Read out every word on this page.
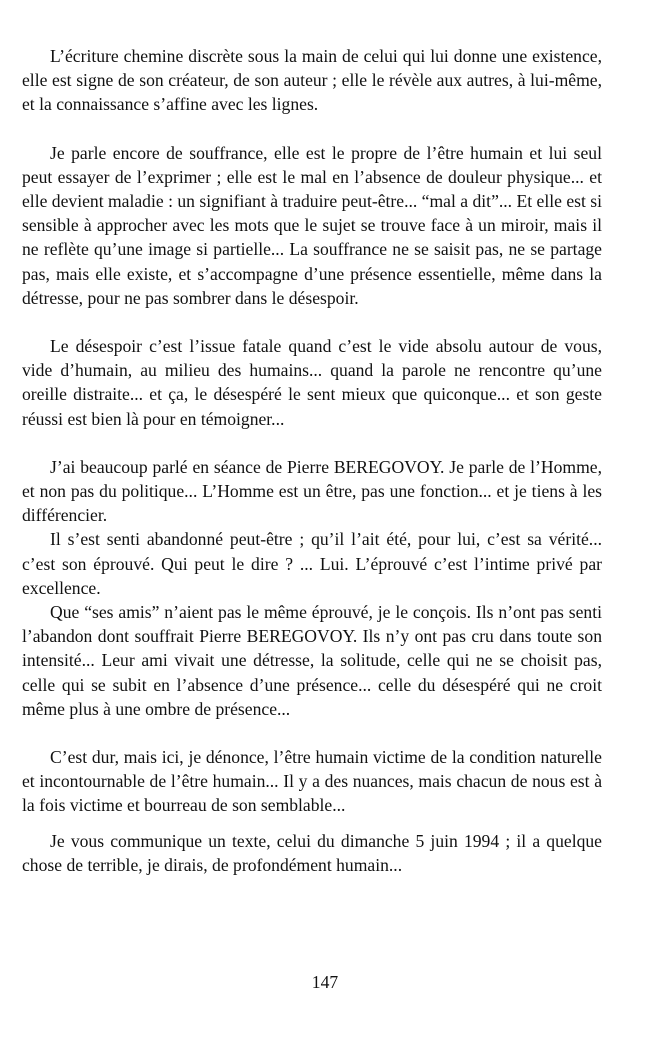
L’écriture chemine discrète sous la main de celui qui lui donne une existence, elle est signe de son créateur, de son auteur ; elle le révèle aux autres, à lui-même, et la connaissance s’affine avec les lignes.

Je parle encore de souffrance, elle est le propre de l’être humain et lui seul peut essayer de l’exprimer ; elle est le mal en l’absence de douleur physique... et elle devient maladie : un signifiant à traduire peut-être... “mal a dit”... Et elle est si sensible à approcher avec les mots que le sujet se trouve face à un miroir, mais il ne reflète qu’une image si partielle... La souffrance ne se saisit pas, ne se partage pas, mais elle existe, et s’accompagne d’une présence essentielle, même dans la détresse, pour ne pas sombrer dans le désespoir.

Le désespoir c’est l’issue fatale quand c’est le vide absolu autour de vous, vide d’humain, au milieu des humains... quand la parole ne rencontre qu’une oreille distraite... et ça, le désespéré le sent mieux que quiconque... et son geste réussi est bien là pour en témoigner...

J’ai beaucoup parlé en séance de Pierre BEREGOVOY. Je parle de l’Homme, et non pas du politique... L’Homme est un être, pas une fonction... et je tiens à les différencier.

Il s’est senti abandonné peut-être ; qu’il l’ait été, pour lui, c’est sa vérité... c’est son éprouvé. Qui peut le dire ? ... Lui. L’éprouvé c’est l’intime privé par excellence.

Que “ses amis” n’aient pas le même éprouvé, je le conçois. Ils n’ont pas senti l’abandon dont souffrait Pierre BEREGOVOY. Ils n’y ont pas cru dans toute son intensité... Leur ami vivait une détresse, la solitude, celle qui ne se choisit pas, celle qui se subit en l’absence d’une présence... celle du désespéré qui ne croit même plus à une ombre de présence...

C’est dur, mais ici, je dénonce, l’être humain victime de la condition naturelle et incontournable de l’être humain... Il y a des nuances, mais chacun de nous est à la fois victime et bourreau de son semblable...

Je vous communique un texte, celui du dimanche 5 juin 1994 ; il a quelque chose de terrible, je dirais, de profondément humain...

147
